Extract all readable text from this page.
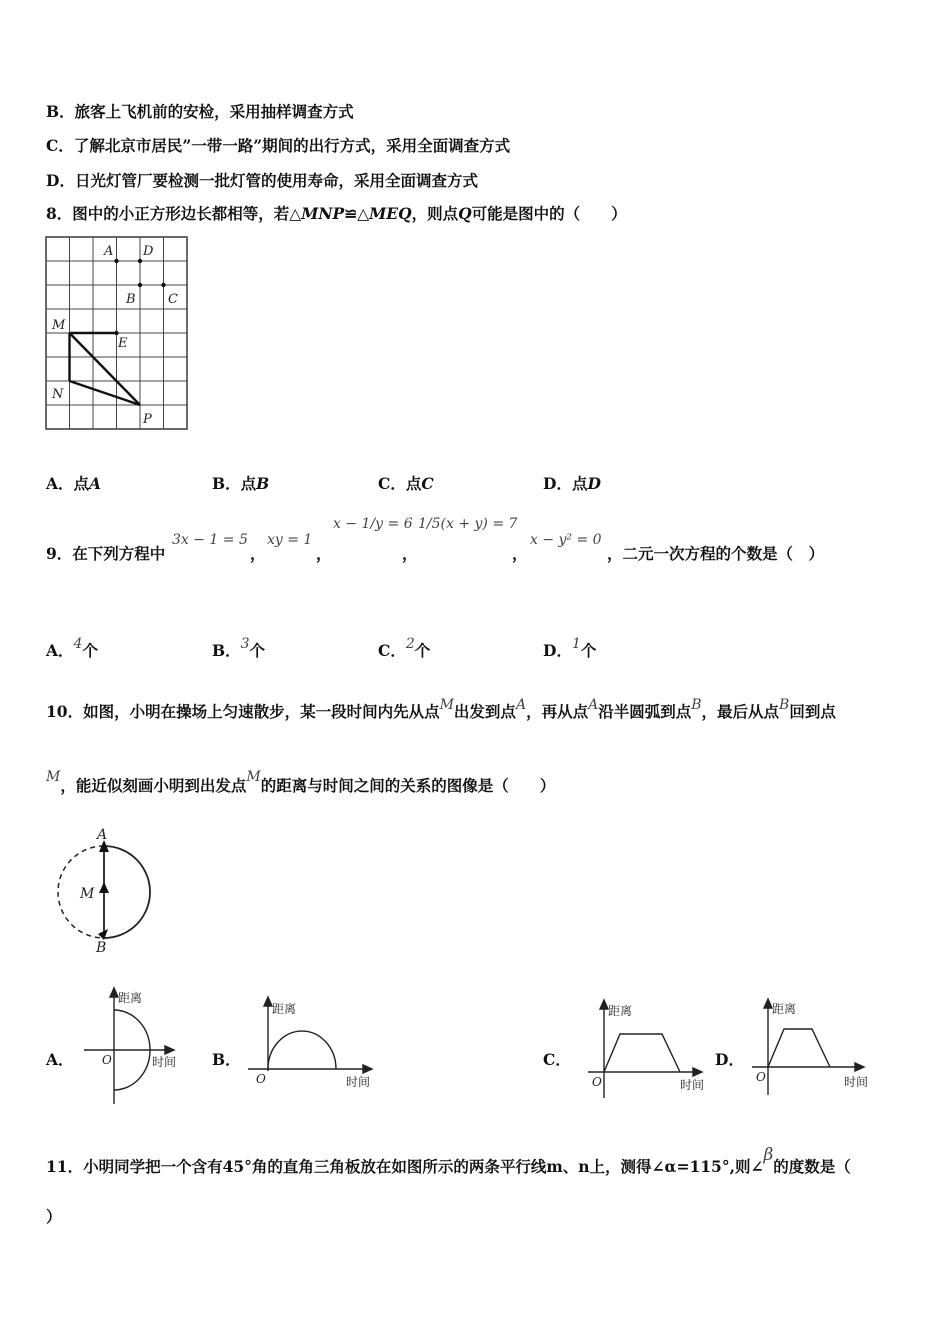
B．旅客上飞机前的安检，采用抽样调查方式
C．了解北京市居民”一带一路”期间的出行方式，采用全面调查方式
D．日光灯管厂要检测一批灯管的使用寿命，采用全面调查方式
8．图中的小正方形边长都相等，若△MNP≌△MEQ，则点Q可能是图中的（　　）
A D
B C
M
E
N
P
A．点A	B．点B	C．点C	D．点D
9．在下列方程中
3x − 1 = 5
，
xy = 1
，
x − 1/y = 6
，
1/5(x + y) = 7
，
x − y² = 0
，二元一次方程的个数是（　）
A．4个	B．3个	C．2个	D．1个
10．如图，小明在操场上匀速散步，某一段时间内先从点M出发到点A，再从点A沿半圆弧到点B，最后从点B回到点
M，能近似刻画小明到出发点M的距离与时间之间的关系的图像是（　　）
A
M
B
A．
距离
时间
O	B．
距离
时间
O
C．
距离
时间
O
D．
距离
时间
O
11．小明同学把一个含有45°角的直角三角板放在如图所示的两条平行线m、n上，测得∠α=115°,则∠β的度数是（
）
